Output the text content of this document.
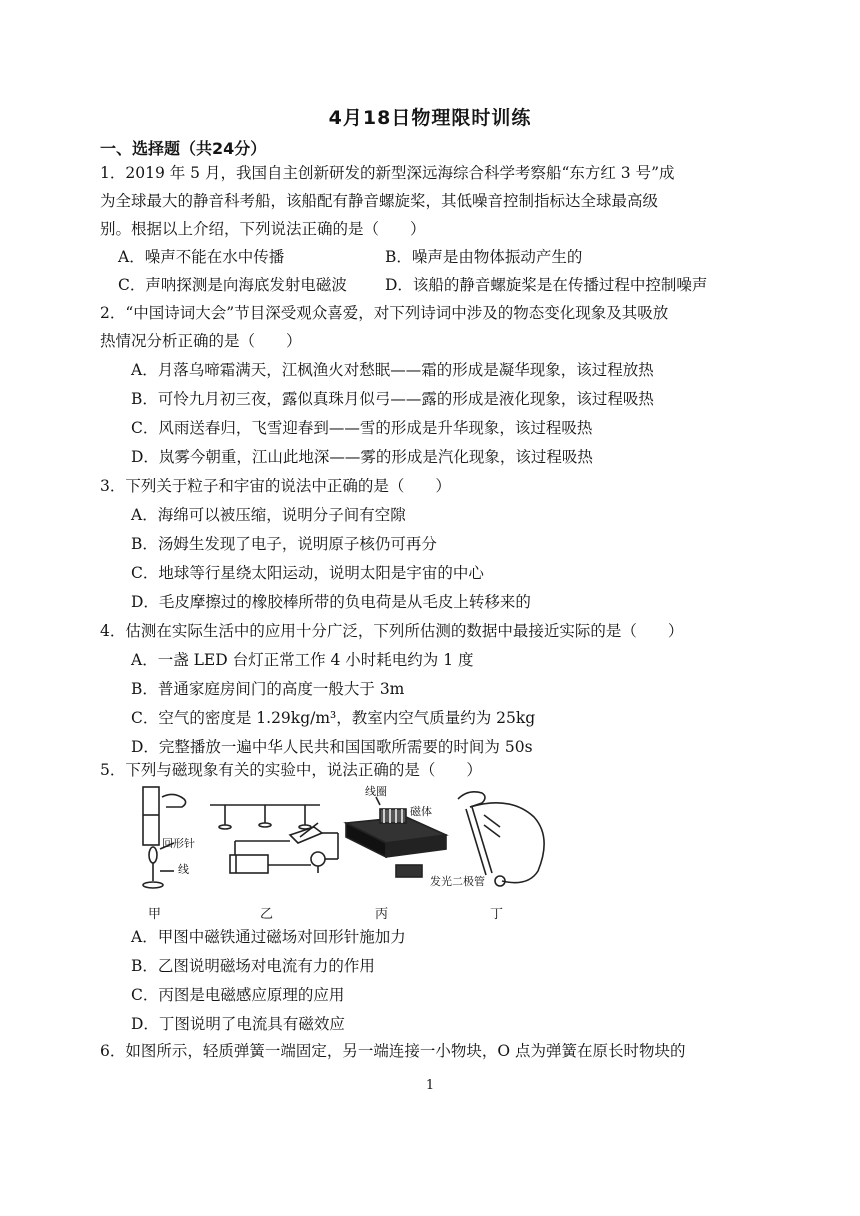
4月18日物理限时训练
一、选择题（共24分）
1．2019 年 5 月，我国自主创新研发的新型深远海综合科学考察船“东方红 3 号”成
为全球最大的静音科考船，该船配有静音螺旋桨，其低噪音控制指标达全球最高级
别。根据以上介绍，下列说法正确的是（　　）
A．噪声不能在水中传播	B．噪声是由物体振动产生的
C．声呐探测是向海底发射电磁波 D．该船的静音螺旋桨是在传播过程中控制噪声
2．“中国诗词大会”节目深受观众喜爱，对下列诗词中涉及的物态变化现象及其吸放
热情况分析正确的是（　　）
A．月落乌啼霜满天，江枫渔火对愁眠——霜的形成是凝华现象，该过程放热
B．可怜九月初三夜，露似真珠月似弓——露的形成是液化现象，该过程吸热
C．风雨送春归，飞雪迎春到——雪的形成是升华现象，该过程吸热
D．岚雾今朝重，江山此地深——雾的形成是汽化现象，该过程吸热
3．下列关于粒子和宇宙的说法中正确的是（　　）
A．海绵可以被压缩，说明分子间有空隙
B．汤姆生发现了电子，说明原子核仍可再分
C．地球等行星绕太阳运动，说明太阳是宇宙的中心
D．毛皮摩擦过的橡胶棒所带的负电荷是从毛皮上转移来的
4．估测在实际生活中的应用十分广泛，下列所估测的数据中最接近实际的是（　　）
A．一盏 LED 台灯正常工作 4 小时耗电约为 1 度
B．普通家庭房间门的高度一般大于 3m
C．空气的密度是 1.29kg/m³，教室内空气质量约为 25kg
D．完整播放一遍中华人民共和国国歌所需要的时间为 50s
5．下列与磁现象有关的实验中，说法正确的是（　　）
回形针
线
线圈
磁体
发光二极管
甲	乙	丙	丁
A．甲图中磁铁通过磁场对回形针施加力
B．乙图说明磁场对电流有力的作用
C．丙图是电磁感应原理的应用
D．丁图说明了电流具有磁效应
6．如图所示，轻质弹簧一端固定，另一端连接一小物块，O 点为弹簧在原长时物块的
1
